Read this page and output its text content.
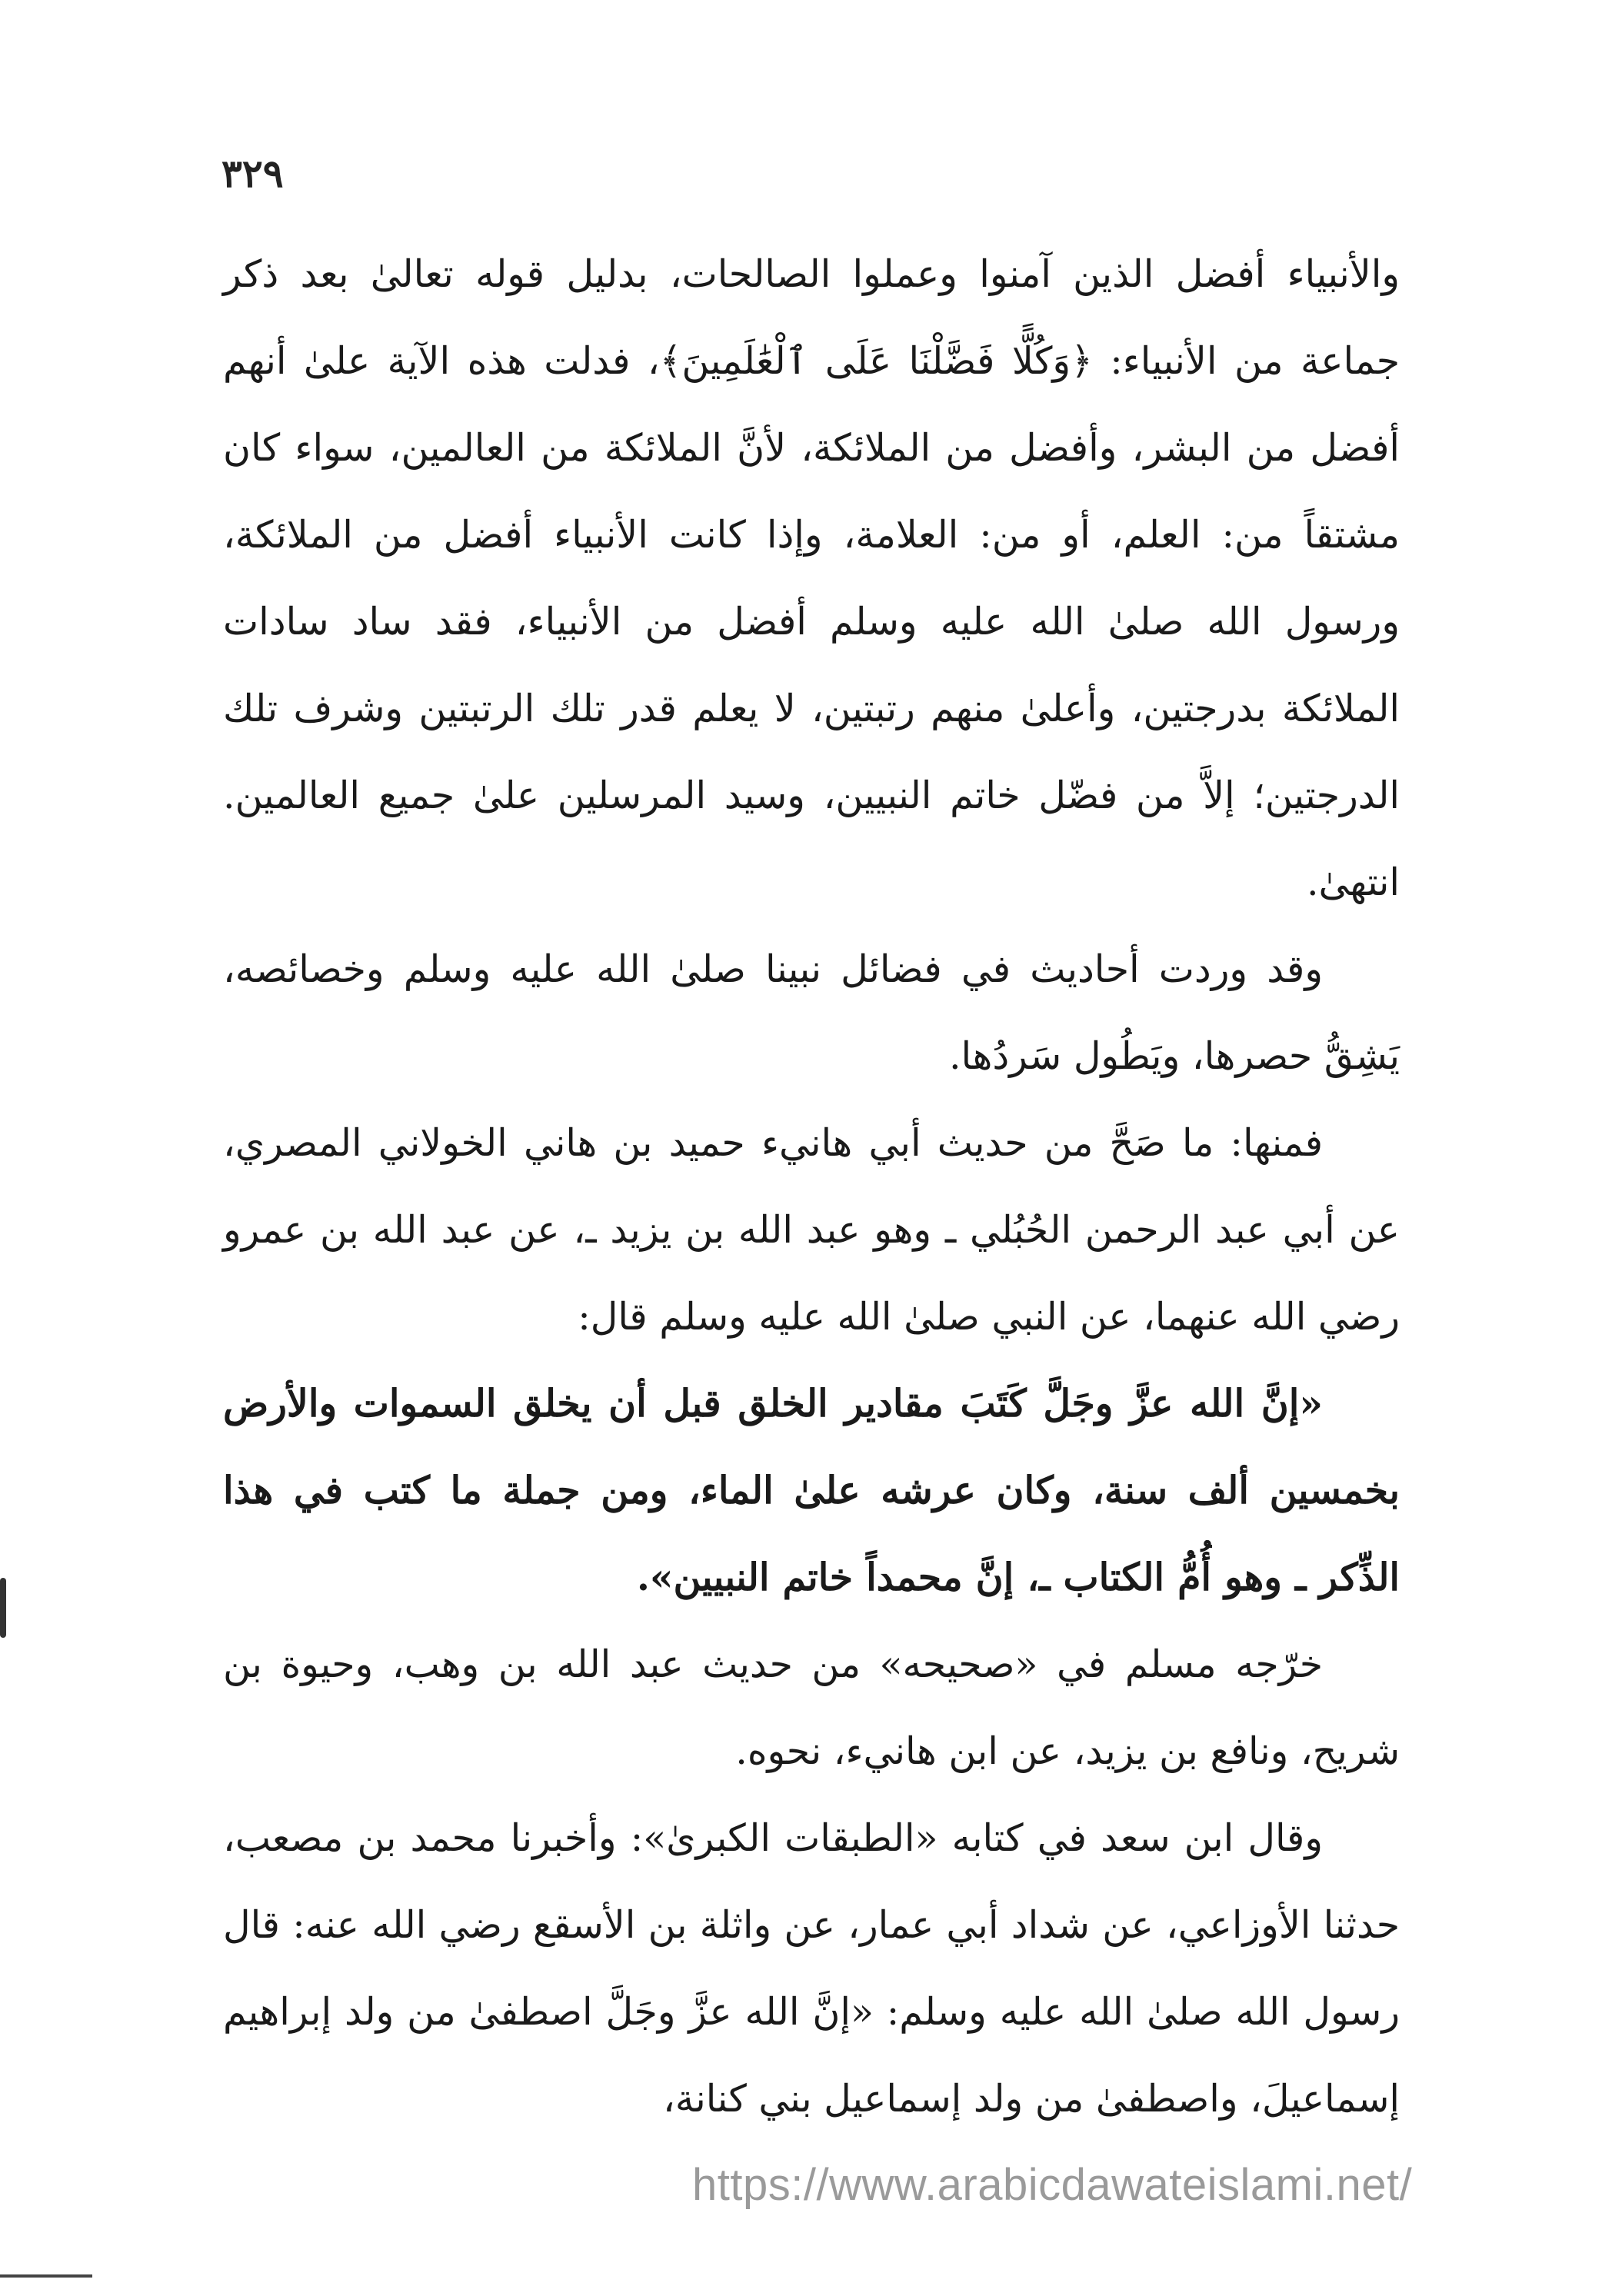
٣٢٩

والأنبياء أفضل الذين آمنوا وعملوا الصالحات، بدليل قوله تعالىٰ بعد ذكر جماعة من الأنبياء: ﴿وَكُلًّا فَضَّلْنَا عَلَى ٱلْعَٰلَمِينَ﴾، فدلت هذه الآية علىٰ أنهم أفضل من البشر، وأفضل من الملائكة، لأنَّ الملائكة من العالمين، سواء كان مشتقاً من: العلم، أو من: العلامة، وإذا كانت الأنبياء أفضل من الملائكة، ورسول الله صلىٰ الله عليه وسلم أفضل من الأنبياء، فقد ساد سادات الملائكة بدرجتين، وأعلىٰ منهم رتبتين، لا يعلم قدر تلك الرتبتين وشرف تلك الدرجتين؛ إلاَّ من فضّل خاتم النبيين، وسيد المرسلين علىٰ جميع العالمين. انتهىٰ.

وقد وردت أحاديث في فضائل نبينا صلىٰ الله عليه وسلم وخصائصه، يَشِقُّ حصرها، ويَطُول سَردُها.

فمنها: ما صَحَّ من حديث أبي هانيء حميد بن هاني الخولاني المصري، عن أبي عبد الرحمن الحُبُلي ـ وهو عبد الله بن يزيد ـ، عن عبد الله بن عمرو رضي الله عنهما، عن النبي صلىٰ الله عليه وسلم قال:

«إنَّ الله عزَّ وجَلَّ كَتَبَ مقادير الخلق قبل أن يخلق السموات والأرض بخمسين ألف سنة، وكان عرشه علىٰ الماء، ومن جملة ما كتب في هذا الذِّكر ـ وهو أُمُّ الكتاب ـ، إنَّ محمداً خاتم النبيين».

خرّجه مسلم في «صحيحه» من حديث عبد الله بن وهب، وحيوة بن شريح، ونافع بن يزيد، عن ابن هانيء، نحوه.

وقال ابن سعد في كتابه «الطبقات الكبرىٰ»: وأخبرنا محمد بن مصعب، حدثنا الأوزاعي، عن شداد أبي عمار، عن واثلة بن الأسقع رضي الله عنه: قال رسول الله صلىٰ الله عليه وسلم: «إنَّ الله عزَّ وجَلَّ اصطفىٰ من ولد إبراهيم إسماعيلَ، واصطفىٰ من ولد إسماعيل بني كنانة،

https://www.arabicdawateislami.net/
